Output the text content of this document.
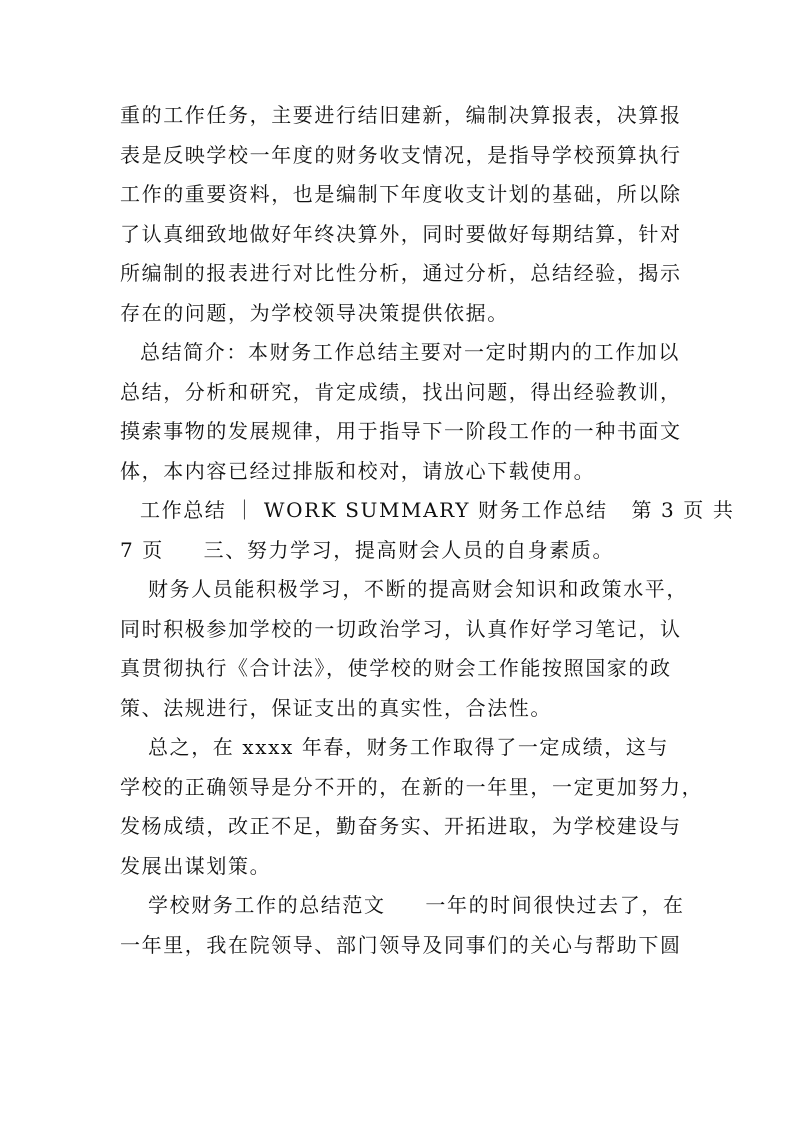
重的工作任务，主要进行结旧建新，编制决算报表，决算报
表是反映学校一年度的财务收支情况，是指导学校预算执行
工作的重要资料，也是编制下年度收支计划的基础，所以除
了认真细致地做好年终决算外，同时要做好每期结算，针对
所编制的报表进行对比性分析，通过分析，总结经验，揭示
存在的问题，为学校领导决策提供依据。
总结简介：本财务工作总结主要对一定时期内的工作加以
总结，分析和研究，肯定成绩，找出问题，得出经验教训，
摸索事物的发展规律，用于指导下一阶段工作的一种书面文
体，本内容已经过排版和校对，请放心下载使用。
工作总结 ｜ WORK SUMMARY 财务工作总结   第 3 页 共
7 页     三、努力学习，提高财会人员的自身素质。
财务人员能积极学习，不断的提高财会知识和政策水平，
同时积极参加学校的一切政治学习，认真作好学习笔记，认
真贯彻执行《合计法》，使学校的财会工作能按照国家的政
策、法规进行，保证支出的真实性，合法性。
总之，在 xxxx 年春，财务工作取得了一定成绩，这与
学校的正确领导是分不开的，在新的一年里，一定更加努力，
发杨成绩，改正不足，勤奋务实、开拓进取，为学校建设与
发展出谋划策。
学校财务工作的总结范文     一年的时间很快过去了，在
一年里，我在院领导、部门领导及同事们的关心与帮助下圆
